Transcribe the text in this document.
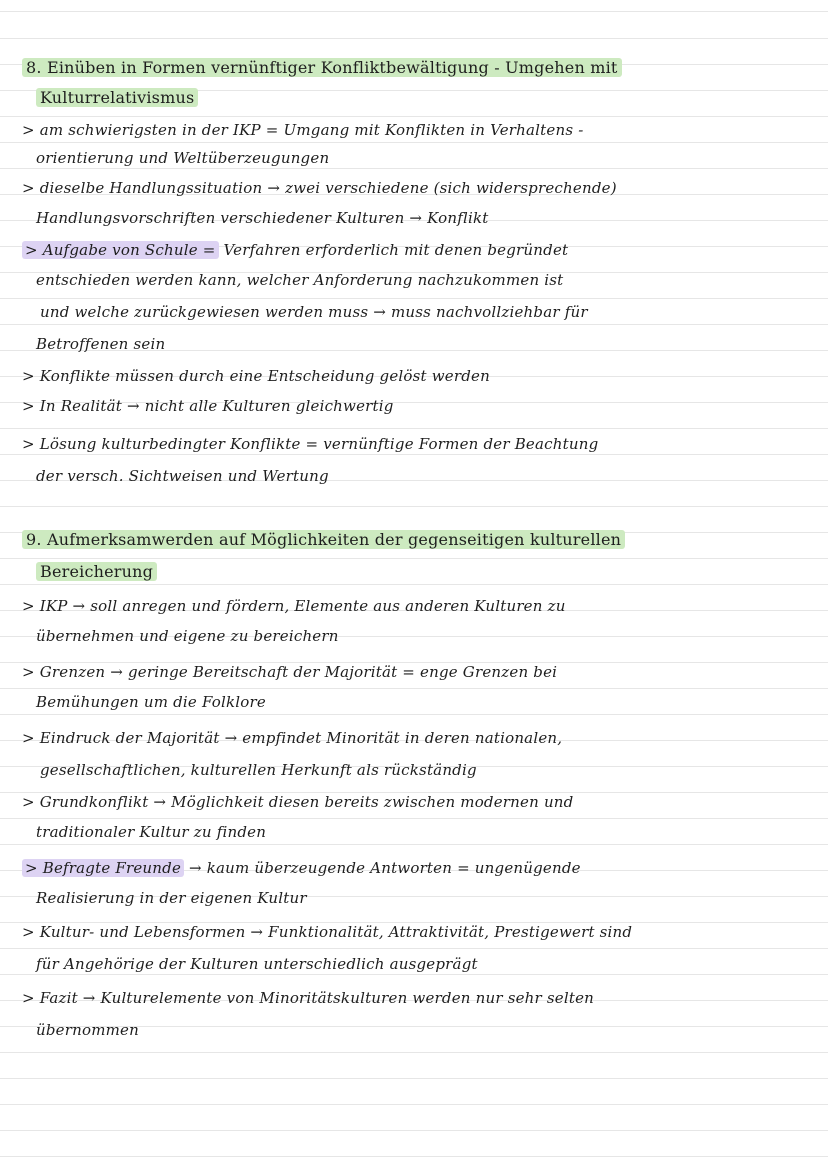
8. Einüben in Formen vernünftiger Konfliktbewältigung - Umgehen mit
Kulturrelativismus
> am schwierigsten in der IKP = Umgang mit Konflikten in Verhaltens -
orientierung und Weltüberzeugungen
> dieselbe Handlungssituation → zwei verschiedene (sich widersprechende)
Handlungsvorschriften verschiedener Kulturen → Konflikt
> Aufgabe von Schule = Verfahren erforderlich mit denen begründet
entschieden werden kann, welcher Anforderung nachzukommen ist
und welche zurückgewiesen werden muss → muss nachvollziehbar für
Betroffenen sein
> Konflikte müssen durch eine Entscheidung gelöst werden
> In Realität → nicht alle Kulturen gleichwertig
> Lösung kulturbedingter Konflikte = vernünftige Formen der Beachtung
der versch. Sichtweisen und Wertung
9. Aufmerksamwerden auf Möglichkeiten der gegenseitigen kulturellen
Bereicherung
> IKP → soll anregen und fördern, Elemente aus anderen Kulturen zu
übernehmen und eigene zu bereichern
> Grenzen → geringe Bereitschaft der Majorität = enge Grenzen bei
Bemühungen um die Folklore
> Eindruck der Majorität → empfindet Minorität in deren nationalen,
gesellschaftlichen, kulturellen Herkunft als rückständig
> Grundkonflikt → Möglichkeit diesen bereits zwischen modernen und
traditionaler Kultur zu finden
> Befragte Freunde → kaum überzeugende Antworten = ungenügende
Realisierung in der eigenen Kultur
> Kultur- und Lebensformen → Funktionalität, Attraktivität, Prestigewert sind
für Angehörige der Kulturen unterschiedlich ausgeprägt
> Fazit → Kulturelemente von Minoritätskulturen werden nur sehr selten
übernommen
